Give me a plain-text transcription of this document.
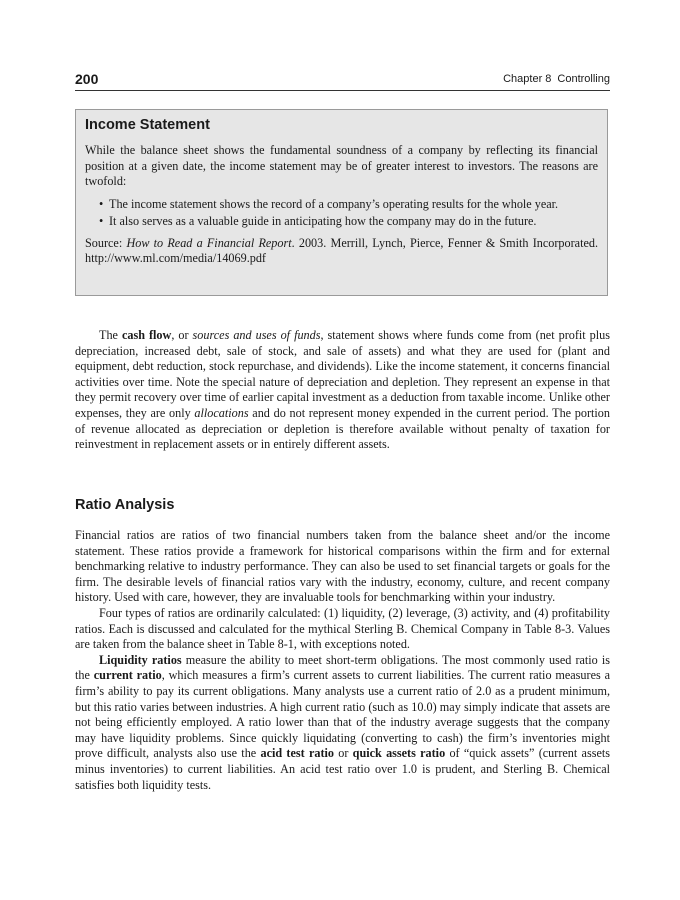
200	Chapter 8 Controlling
Income Statement

While the balance sheet shows the fundamental soundness of a company by reflecting its financial position at a given date, the income statement may be of greater interest to investors. The reasons are twofold:

• The income statement shows the record of a company’s operating results for the whole year.
• It also serves as a valuable guide in anticipating how the company may do in the future.

Source: How to Read a Financial Report. 2003. Merrill, Lynch, Pierce, Fenner & Smith Incorporated. http://www.ml.com/media/14069.pdf

The cash flow, or sources and uses of funds, statement shows where funds come from (net profit plus depreciation, increased debt, sale of stock, and sale of assets) and what they are used for (plant and equipment, debt reduction, stock repurchase, and dividends). Like the income statement, it concerns financial activities over time. Note the special nature of depreciation and depletion. They represent an expense in that they permit recovery over time of earlier capital investment as a deduction from taxable income. Unlike other expenses, they are only allocations and do not represent money expended in the current period. The portion of revenue allocated as depreciation or depletion is therefore available without penalty of taxation for reinvestment in replacement assets or in entirely different assets.

Ratio Analysis

Financial ratios are ratios of two financial numbers taken from the balance sheet and/or the income statement. These ratios provide a framework for historical comparisons within the firm and for external benchmarking relative to industry performance. They can also be used to set financial targets or goals for the firm. The desirable levels of financial ratios vary with the industry, economy, culture, and recent company history. Used with care, however, they are invaluable tools for benchmarking within your industry.

Four types of ratios are ordinarily calculated: (1) liquidity, (2) leverage, (3) activity, and (4) profitability ratios. Each is discussed and calculated for the mythical Sterling B. Chemical Company in Table 8-3. Values are taken from the balance sheet in Table 8-1, with exceptions noted.

Liquidity ratios measure the ability to meet short-term obligations. The most commonly used ratio is the current ratio, which measures a firm’s current assets to current liabilities. The current ratio measures a firm’s ability to pay its current obligations. Many analysts use a current ratio of 2.0 as a prudent minimum, but this ratio varies between industries. A high current ratio (such as 10.0) may simply indicate that assets are not being efficiently employed. A ratio lower than that of the industry average suggests that the company may have liquidity problems. Since quickly liquidating (converting to cash) the firm’s inventories might prove difficult, analysts also use the acid test ratio or quick assets ratio of “quick assets” (current assets minus inventories) to current liabilities. An acid test ratio over 1.0 is prudent, and Sterling B. Chemical satisfies both liquidity tests.
